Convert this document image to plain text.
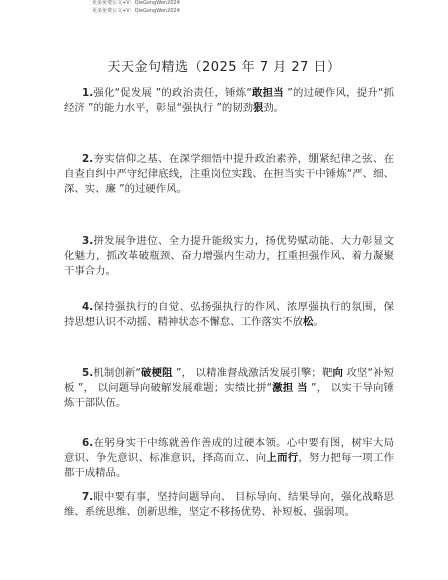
更多免费公文+V：QieGongWen2024
更多免费公文+V：QieGongWen2024
天天金句精选（2025 年 7 月 27 日）
1.强化“促发展 ”的政治责任，锤炼“敢担当 ”的过硬作风，提升“抓经济 ”的能力水平，彰显“强执行 ”的韧劲狠劲。
2.夯实信仰之基、在深学细悟中提升政治素养，绷紧纪律之弦、在自查自纠中严守纪律底线，注重岗位实践、在担当实干中锤炼“严、细、深、实、廉 ”的过硬作风。
3.拼发展争进位、全力提升能级实力，扬优势赋动能、大力彰显文化魅力，抓改革破瓶颈、奋力增强内生动力，扛重担强作风、着力凝聚干事合力。
4.保持强执行的自觉、弘扬强执行的作风、浓厚强执行的氛围，保持思想认识不动摇、精神状态不懈怠、工作落实不放松。
5.机制创新“破梗阻 ”， 以精准督战激活发展引擎；靶向 攻坚“补短板 ”， 以问题导向破解发展难题；实绩比拼“激担 当 ”， 以实干导向锤炼干部队伍。
6.在躬身实干中练就善作善成的过硬本领。心中要有图，树牢大局意识、争先意识、标准意识，择高而立、向上而行，努力把每一项工作都干成精品。
7.眼中要有事，坚持问题导向、 目标导向、结果导向，强化战略思维、系统思维、创新思维，坚定不移扬优势、补短板、强弱项。
